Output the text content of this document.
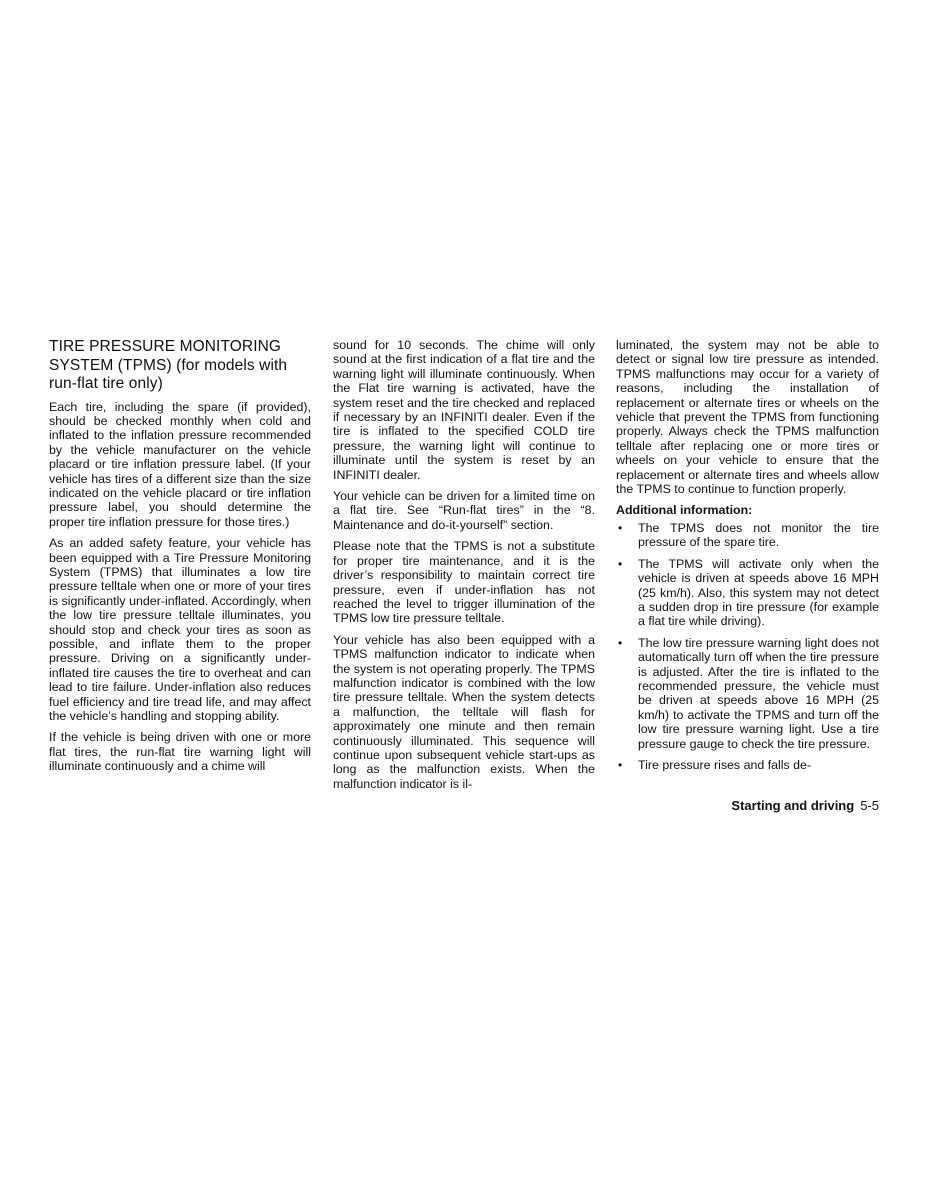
TIRE PRESSURE MONITORING SYSTEM (TPMS) (for models with run-flat tire only)

Each tire, including the spare (if provided), should be checked monthly when cold and inflated to the inflation pressure recommended by the vehicle manufacturer on the vehicle placard or tire inflation pressure label. (If your vehicle has tires of a different size than the size indicated on the vehicle placard or tire inflation pressure label, you should determine the proper tire inflation pressure for those tires.)

As an added safety feature, your vehicle has been equipped with a Tire Pressure Monitoring System (TPMS) that illuminates a low tire pressure telltale when one or more of your tires is significantly under-inflated. Accordingly, when the low tire pressure telltale illuminates, you should stop and check your tires as soon as possible, and inflate them to the proper pressure. Driving on a significantly under-inflated tire causes the tire to overheat and can lead to tire failure. Under-inflation also reduces fuel efficiency and tire tread life, and may affect the vehicle’s handling and stopping ability.

If the vehicle is being driven with one or more flat tires, the run-flat tire warning light will illuminate continuously and a chime will

sound for 10 seconds. The chime will only sound at the first indication of a flat tire and the warning light will illuminate continuously. When the Flat tire warning is activated, have the system reset and the tire checked and replaced if necessary by an INFINITI dealer. Even if the tire is inflated to the specified COLD tire pressure, the warning light will continue to illuminate until the system is reset by an INFINITI dealer.

Your vehicle can be driven for a limited time on a flat tire. See “Run-flat tires” in the “8. Maintenance and do-it-yourself” section.

Please note that the TPMS is not a substitute for proper tire maintenance, and it is the driver’s responsibility to maintain correct tire pressure, even if under-inflation has not reached the level to trigger illumination of the TPMS low tire pressure telltale.

Your vehicle has also been equipped with a TPMS malfunction indicator to indicate when the system is not operating properly. The TPMS malfunction indicator is combined with the low tire pressure telltale. When the system detects a malfunction, the telltale will flash for approximately one minute and then remain continuously illuminated. This sequence will continue upon subsequent vehicle start-ups as long as the malfunction exists. When the malfunction indicator is il-

luminated, the system may not be able to detect or signal low tire pressure as intended. TPMS malfunctions may occur for a variety of reasons, including the installation of replacement or alternate tires or wheels on the vehicle that prevent the TPMS from functioning properly. Always check the TPMS malfunction telltale after replacing one or more tires or wheels on your vehicle to ensure that the replacement or alternate tires and wheels allow the TPMS to continue to function properly.

Additional information:
• The TPMS does not monitor the tire pressure of the spare tire.
• The TPMS will activate only when the vehicle is driven at speeds above 16 MPH (25 km/h). Also, this system may not detect a sudden drop in tire pressure (for example a flat tire while driving).
• The low tire pressure warning light does not automatically turn off when the tire pressure is adjusted. After the tire is inflated to the recommended pressure, the vehicle must be driven at speeds above 16 MPH (25 km/h) to activate the TPMS and turn off the low tire pressure warning light. Use a tire pressure gauge to check the tire pressure.
• Tire pressure rises and falls de-
Starting and driving 5-5
